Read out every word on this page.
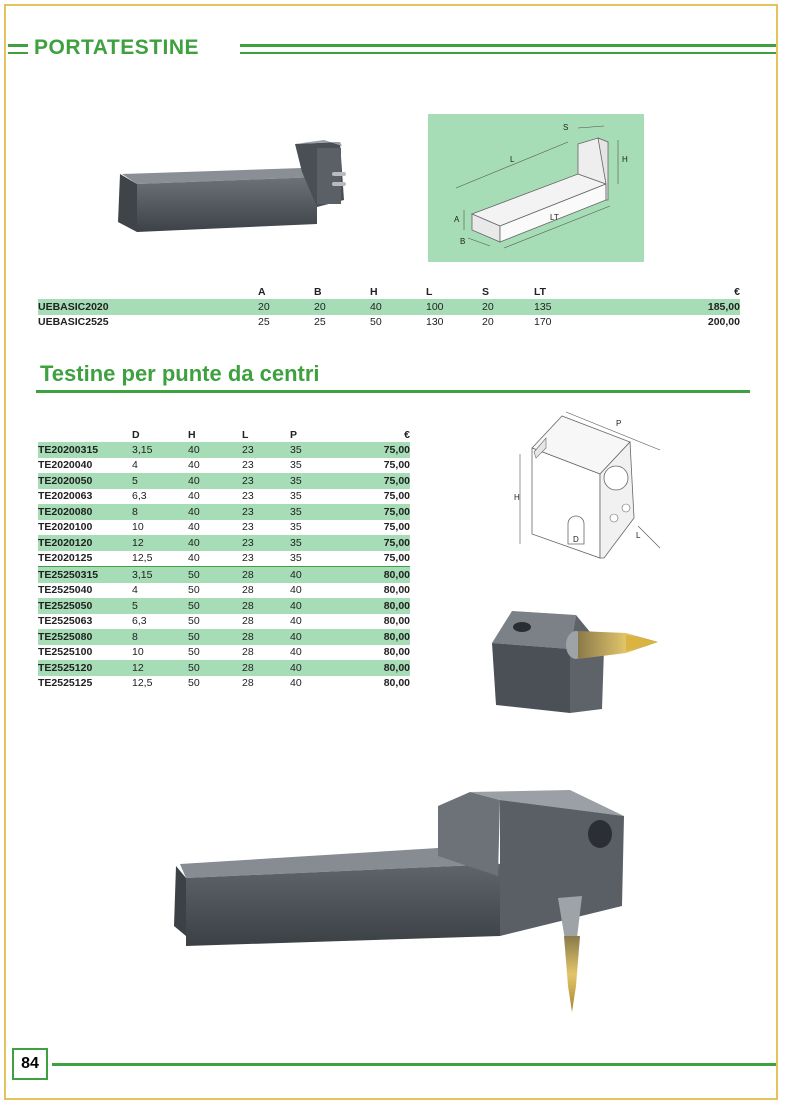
PORTATESTINE
S
H
L
A
B
LT
	A	B	H	L	S	LT	€
UEBASIC2020	20	20	40	100	20	135	185,00
UEBASIC2525	25	25	50	130	20	170	200,00
Testine per punte da centri
	D	H	L	P	€
TE20200315	3,15	40	23	35	75,00
TE2020040	4	40	23	35	75,00
TE2020050	5	40	23	35	75,00
TE2020063	6,3	40	23	35	75,00
TE2020080	8	40	23	35	75,00
TE2020100	10	40	23	35	75,00
TE2020120	12	40	23	35	75,00
TE2020125	12,5	40	23	35	75,00
TE25250315	3,15	50	28	40	80,00
TE2525040	4	50	28	40	80,00
TE2525050	5	50	28	40	80,00
TE2525063	6,3	50	28	40	80,00
TE2525080	8	50	28	40	80,00
TE2525100	10	50	28	40	80,00
TE2525120	12	50	28	40	80,00
TE2525125	12,5	50	28	40	80,00
H
P
D	L
84
